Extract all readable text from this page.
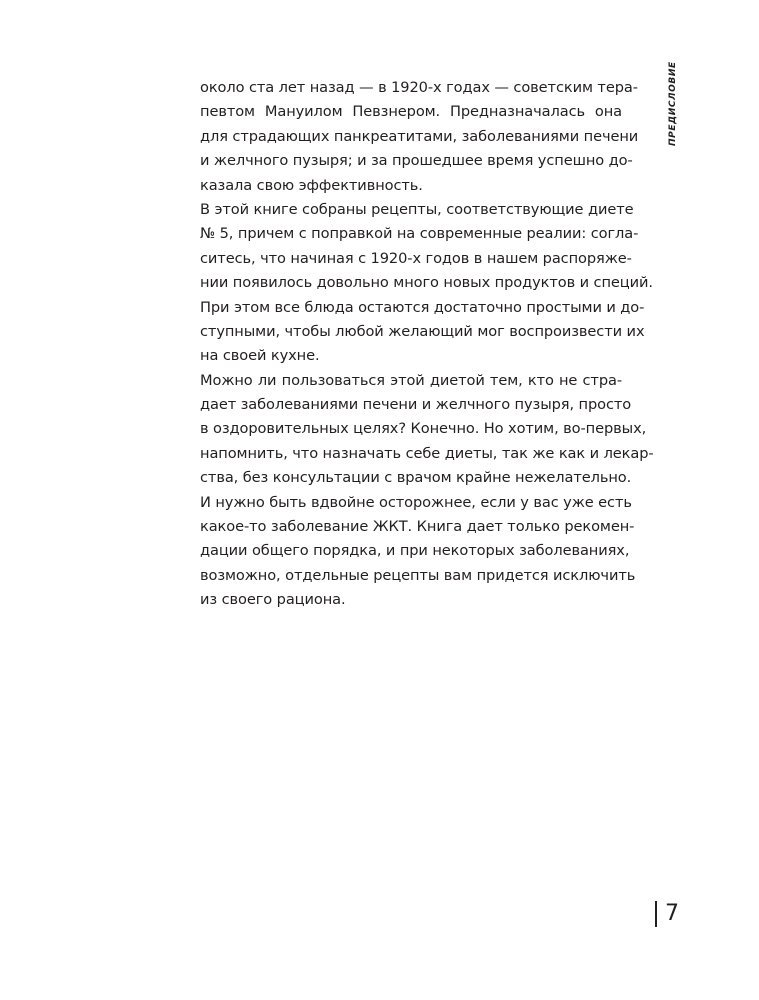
ПРЕДИСЛОВИЕ
около ста лет назад — в 1920-х годах — советским тера-
певтом Мануилом Певзнером. Предназначалась она
для страдающих панкреатитами, заболеваниями печени
и желчного пузыря; и за прошедшее время успешно до-
казала свою эффективность.
В этой книге собраны рецепты, соответствующие диете
№ 5, причем с поправкой на современные реалии: согла-
ситесь, что начиная с 1920-х годов в нашем распоряже-
нии появилось довольно много новых продуктов и специй.
При этом все блюда остаются достаточно простыми и до-
ступными, чтобы любой желающий мог воспроизвести их
на своей кухне.
Можно ли пользоваться этой диетой тем, кто не стра-
дает заболеваниями печени и желчного пузыря, просто
в оздоровительных целях? Конечно. Но хотим, во-первых,
напомнить, что назначать себе диеты, так же как и лекар-
ства, без консультации с врачом крайне нежелательно.
И нужно быть вдвойне осторожнее, если у вас уже есть
какое-то заболевание ЖКТ. Книга дает только рекомен-
дации общего порядка, и при некоторых заболеваниях,
возможно, отдельные рецепты вам придется исключить
из своего рациона.
7
